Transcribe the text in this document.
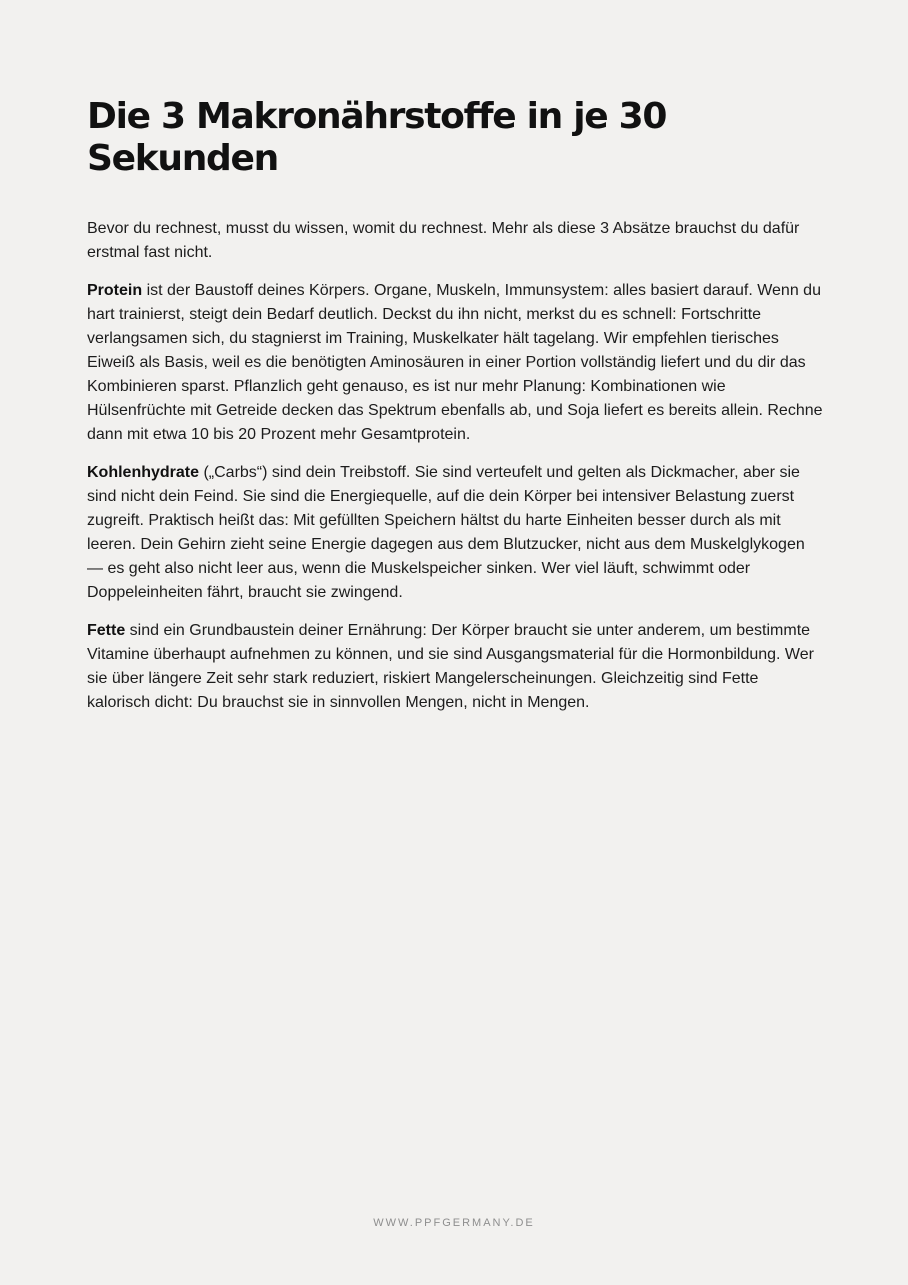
Die 3 Makronährstoffe in je 30 Sekunden

Bevor du rechnest, musst du wissen, womit du rechnest. Mehr als diese 3 Absätze brauchst du dafür erstmal fast nicht.

Protein ist der Baustoff deines Körpers. Organe, Muskeln, Immunsystem: alles basiert darauf. Wenn du hart trainierst, steigt dein Bedarf deutlich. Deckst du ihn nicht, merkst du es schnell: Fortschritte verlangsamen sich, du stagnierst im Training, Muskelkater hält tagelang. Wir empfehlen tierisches Eiweiß als Basis, weil es die benötigten Aminosäuren in einer Portion vollständig liefert und du dir das Kombinieren sparst. Pflanzlich geht genauso, es ist nur mehr Planung: Kombinationen wie Hülsenfrüchte mit Getreide decken das Spektrum ebenfalls ab, und Soja liefert es bereits allein. Rechne dann mit etwa 10 bis 20 Prozent mehr Gesamtprotein.

Kohlenhydrate („Carbs“) sind dein Treibstoff. Sie sind verteufelt und gelten als Dickmacher, aber sie sind nicht dein Feind. Sie sind die Energiequelle, auf die dein Körper bei intensiver Belastung zuerst zugreift. Praktisch heißt das: Mit gefüllten Speichern hältst du harte Einheiten besser durch als mit leeren. Dein Gehirn zieht seine Energie dagegen aus dem Blutzucker, nicht aus dem Muskelglykogen — es geht also nicht leer aus, wenn die Muskelspeicher sinken. Wer viel läuft, schwimmt oder Doppeleinheiten fährt, braucht sie zwingend.

Fette sind ein Grundbaustein deiner Ernährung: Der Körper braucht sie unter anderem, um bestimmte Vitamine überhaupt aufnehmen zu können, und sie sind Ausgangsmaterial für die Hormonbildung. Wer sie über längere Zeit sehr stark reduziert, riskiert Mangelerscheinungen. Gleichzeitig sind Fette kalorisch dicht: Du brauchst sie in sinnvollen Mengen, nicht in Mengen.

WWW.PPFGERMANY.DE
